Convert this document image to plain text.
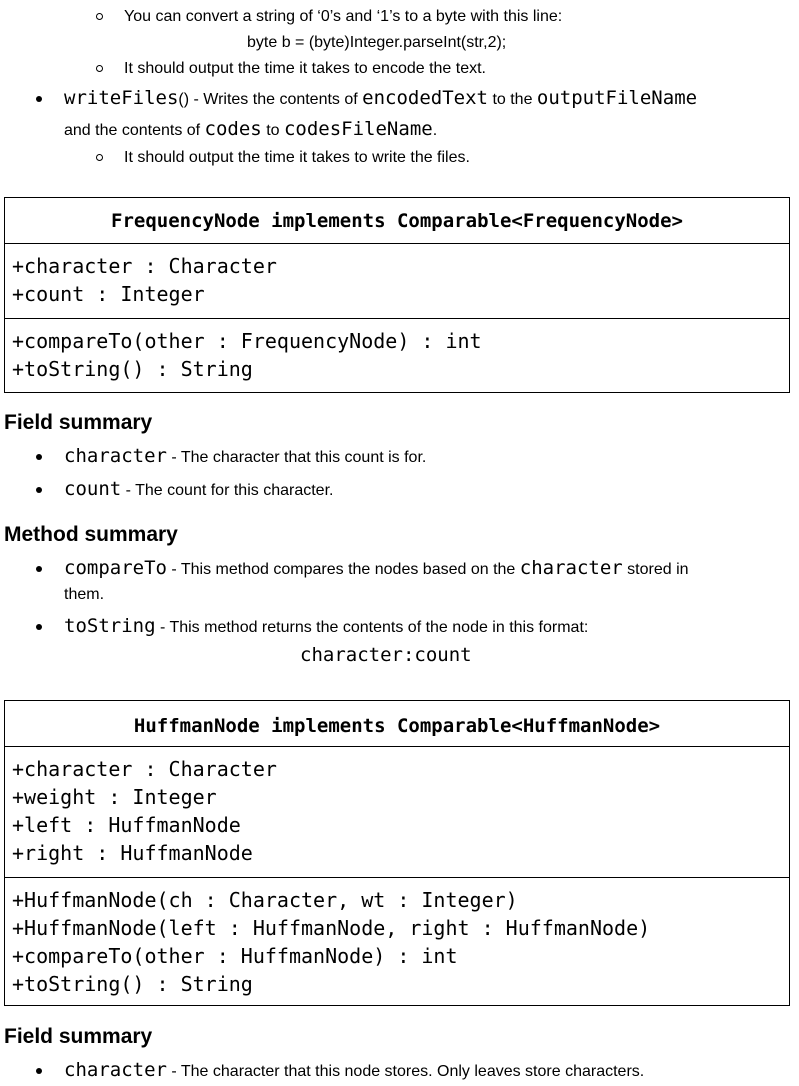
You can convert a string of ‘0’s and ‘1’s to a byte with this line:
byte b = (byte)Integer.parseInt(str,2);
It should output the time it takes to encode the text.
writeFiles() - Writes the contents of encodedText to the outputFileName
and the contents of codes to codesFileName.
It should output the time it takes to write the files.
FrequencyNode implements Comparable<FrequencyNode>
+character : Character
+count : Integer
+compareTo(other : FrequencyNode) : int
+toString() : String
Field summary
character - The character that this count is for.
count - The count for this character.
Method summary
compareTo - This method compares the nodes based on the character stored in
them.
toString - This method returns the contents of the node in this format:
character:count
HuffmanNode implements Comparable<HuffmanNode>
+character : Character
+weight : Integer
+left : HuffmanNode
+right : HuffmanNode
+HuffmanNode(ch : Character, wt : Integer)
+HuffmanNode(left : HuffmanNode, right : HuffmanNode)
+compareTo(other : HuffmanNode) : int
+toString() : String
Field summary
character - The character that this node stores. Only leaves store characters.
